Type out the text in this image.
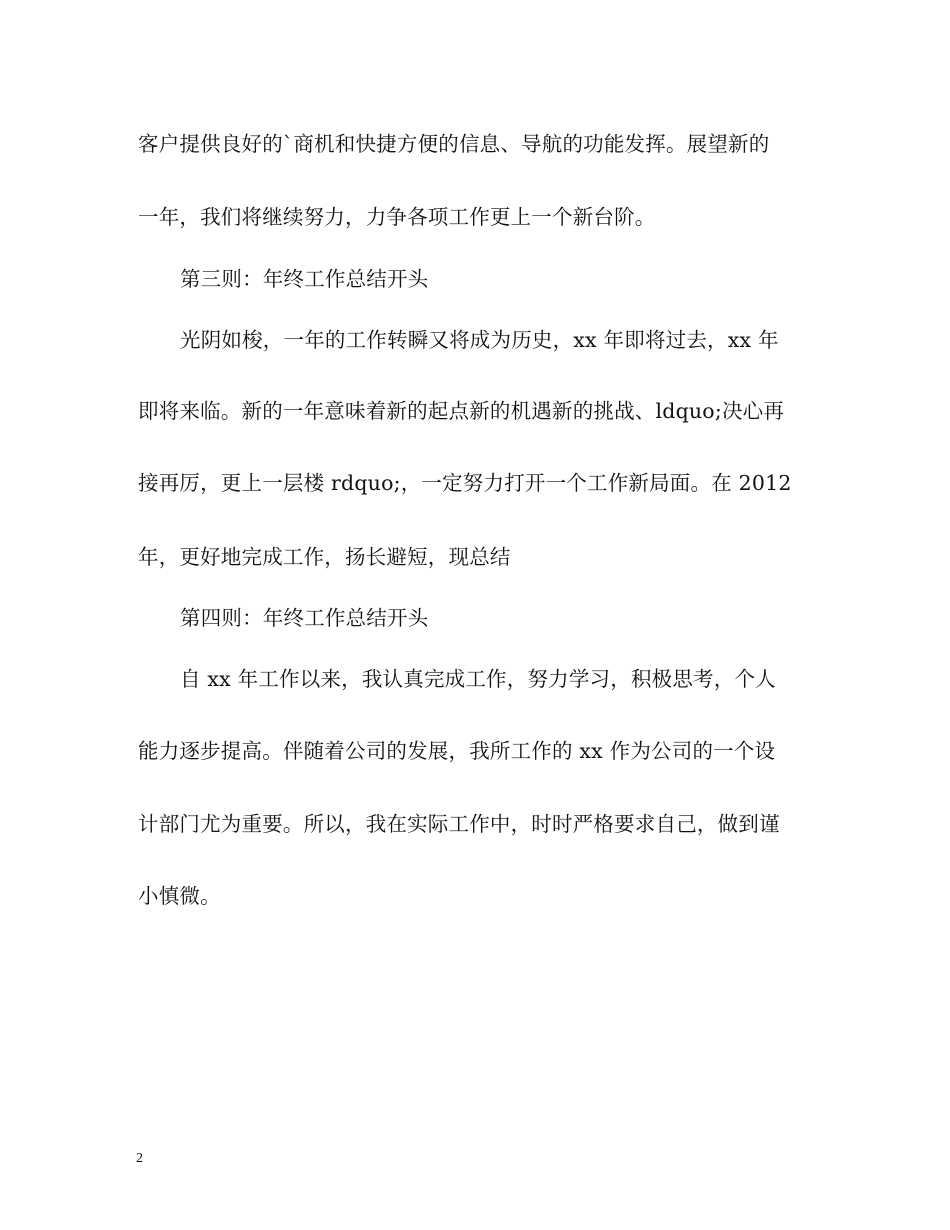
客户提供良好的`商机和快捷方便的信息、导航的功能发挥。展望新的
一年，我们将继续努力，力争各项工作更上一个新台阶。
第三则：年终工作总结开头
光阴如梭，一年的工作转瞬又将成为历史，xx 年即将过去，xx 年
即将来临。新的一年意味着新的起点新的机遇新的挑战、ldquo;决心再
接再厉，更上一层楼 rdquo;，一定努力打开一个工作新局面。在 2012
年，更好地完成工作，扬长避短，现总结
第四则：年终工作总结开头
自 xx 年工作以来，我认真完成工作，努力学习，积极思考，个人
能力逐步提高。伴随着公司的发展，我所工作的 xx 作为公司的一个设
计部门尤为重要。所以，我在实际工作中，时时严格要求自己，做到谨
小慎微。
2
